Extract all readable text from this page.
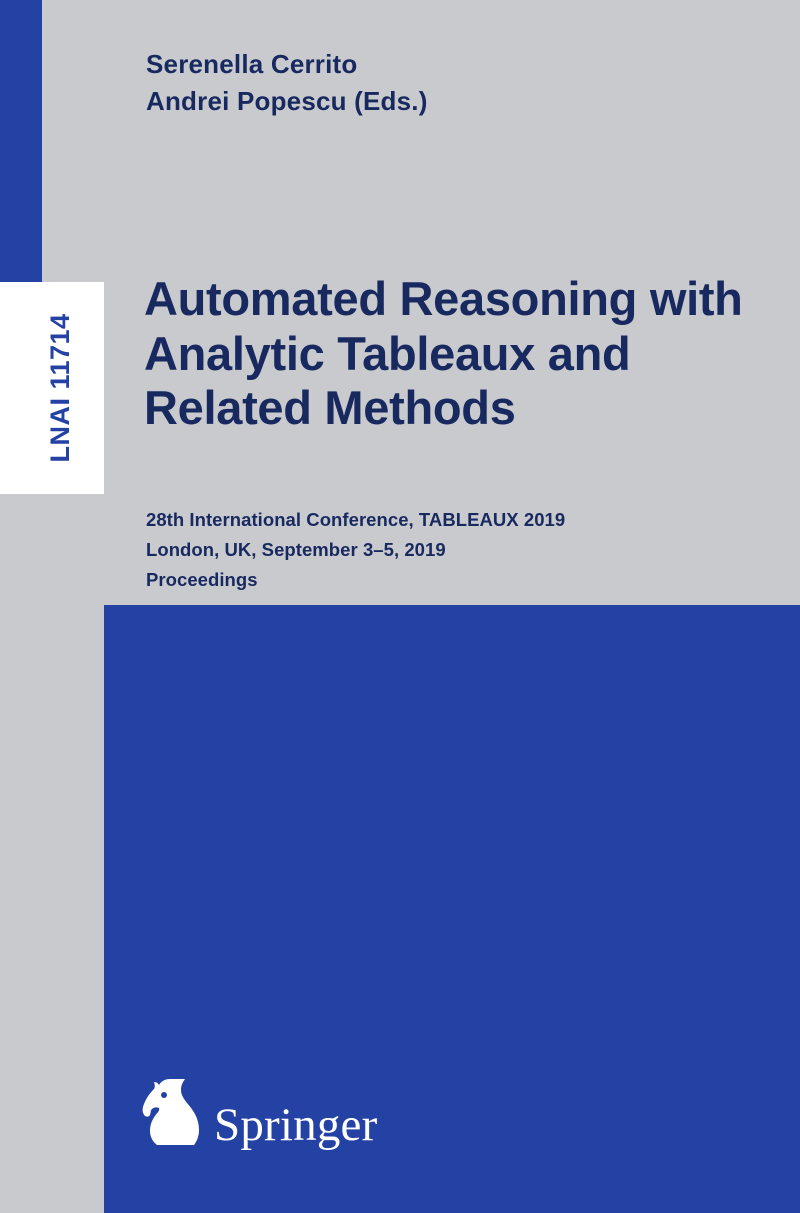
LNAI 11714
Serenella Cerrito
Andrei Popescu (Eds.)
Automated Reasoning with Analytic Tableaux and Related Methods
28th International Conference, TABLEAUX 2019
London, UK, September 3–5, 2019
Proceedings
Springer
